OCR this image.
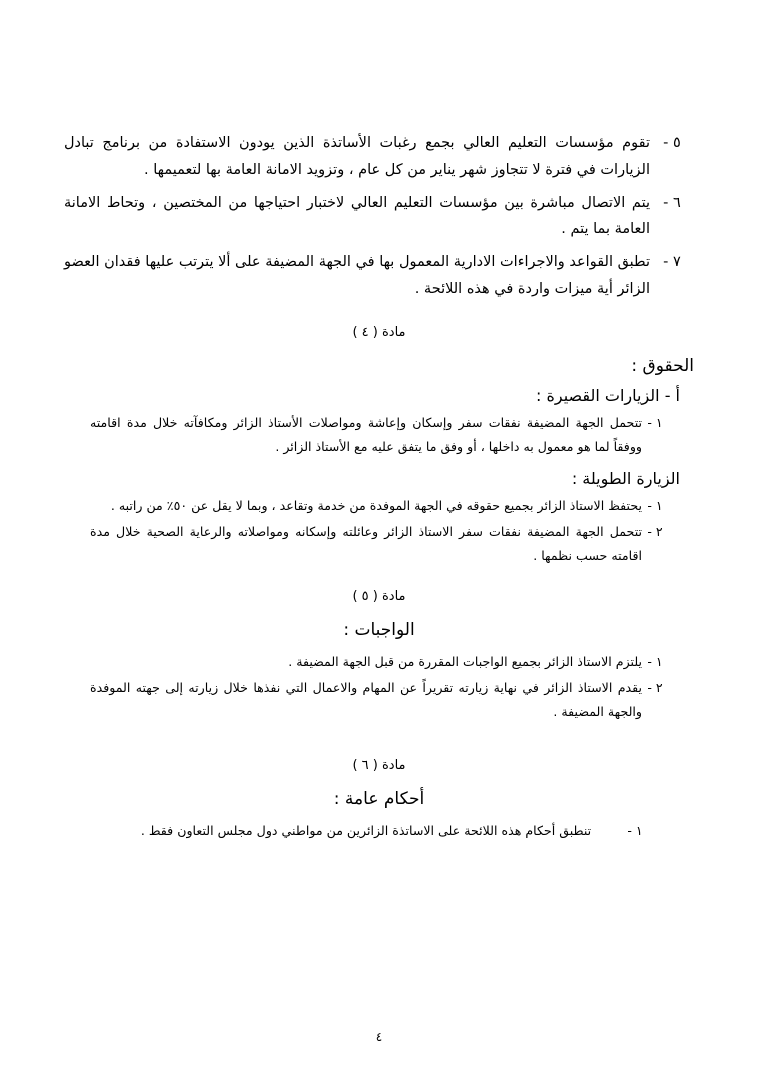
٥ -
تقوم مؤسسات التعليم العالي بجمع رغبات الأساتذة الذين يودون الاستفادة من برنامج تبادل الزيارات في فترة لا تتجاوز شهر يناير من كل عام ، وتزويد الامانة العامة بها لتعميمها .
٦ -
يتم الاتصال مباشرة بين مؤسسات التعليم العالي لاختبار احتياجها من المختصين ، وتحاط الامانة العامة بما يتم .
٧ -
تطبق القواعد والاجراءات الادارية المعمول بها في الجهة المضيفة على ألا يترتب عليها فقدان العضو الزائر أية ميزات واردة في هذه اللائحة .
مادة ( ٤ )
الحقوق :
أ - الزيارات القصيرة :
١ -
تتحمل الجهة المضيفة نفقات سفر وإسكان وإعاشة ومواصلات الأستاذ الزائر ومكافآته خلال مدة اقامته ووفقاً لما هو معمول به داخلها ، أو وفق ما يتفق عليه مع الأستاذ الزائر .
الزيارة الطويلة :
١ -
يحتفظ الاستاذ الزائر بجميع حقوقه في الجهة الموفدة من خدمة وتقاعد ، وبما لا يقل عن ٥٠٪ من راتبه .
٢ -
تتحمل الجهة المضيفة نفقات سفر الاستاذ الزائر وعائلته وإسكانه ومواصلاته والرعاية الصحية خلال مدة اقامته حسب نظمها .
مادة ( ٥ )
الواجبات :
١ -
يلتزم الاستاذ الزائر بجميع الواجبات المقررة من قبل الجهة المضيفة .
٢ -
يقدم الاستاذ الزائر في نهاية زيارته تقريراً عن المهام والاعمال التي نفذها خلال زيارته إلى جهته الموفدة والجهة المضيفة .
مادة ( ٦ )
أحكام عامة :
١ -
تنطبق أحكام هذه اللائحة على الاساتذة الزائرين من مواطني دول مجلس التعاون فقط .
٤
